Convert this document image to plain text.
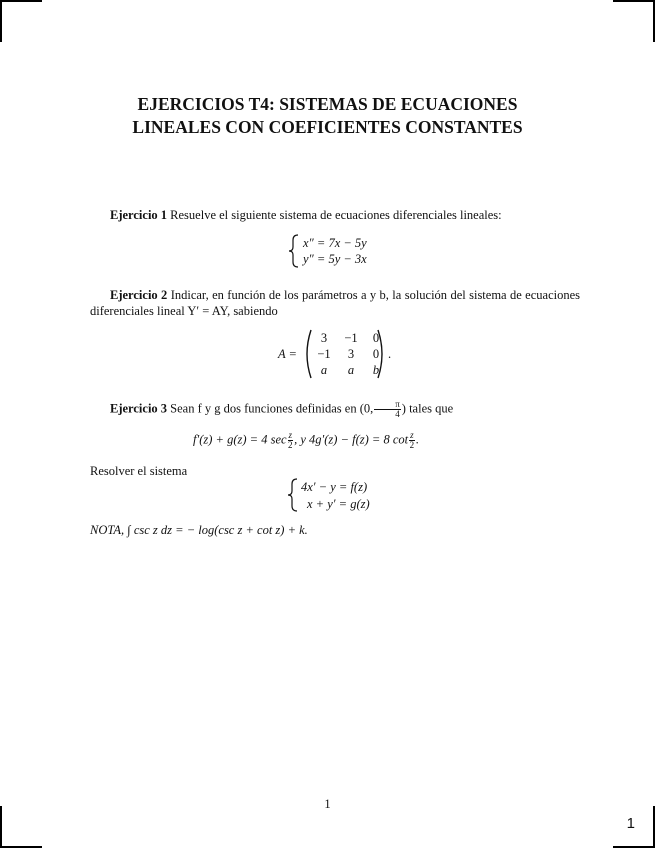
EJERCICIOS T4: SISTEMAS DE ECUACIONES
LINEALES CON COEFICIENTES CONSTANTES
Ejercicio 1 Resuelve el siguiente sistema de ecuaciones diferenciales lineales:
x″ = 7x − 5y
y″ = 5y − 3x
Ejercicio 2 Indicar, en función de los parámetros a y b, la solución del sistema de ecuaciones diferenciales lineal Y′ = AY, sabiendo
A =
3	−1	0
−1	3	0
a	a	b
.
Ejercicio 3 Sean f y g dos funciones definidas en (0, $\frac{\pi}{4}$ ) tales que
f′(z) + g(z) = 4 $\sec \frac{z}{2}$ , y 4g′(z) − f(z) = 8 $\cot \frac{z}{2}$ .
Resolver el sistema
4x′ − y = f(z)
x + y′ = g(z)
NOTA, ∫ csc z dz = − log(csc z + cot z) + k.
1
1
